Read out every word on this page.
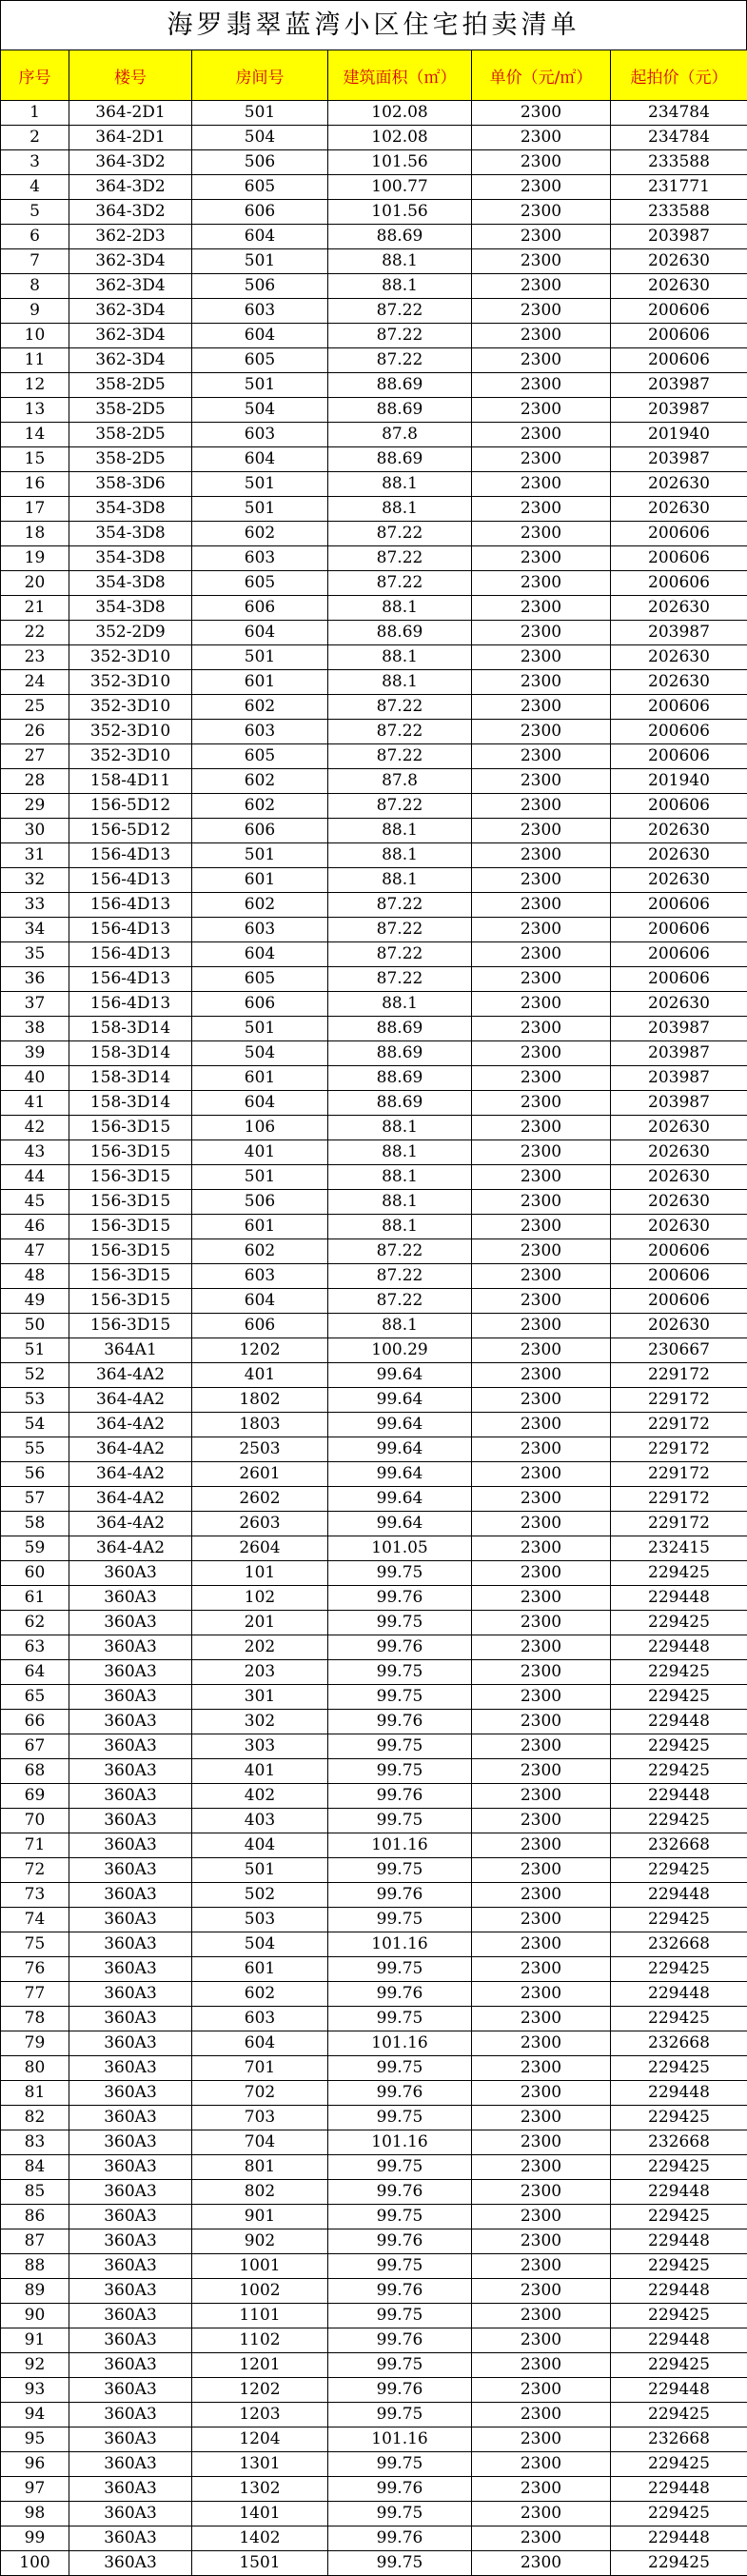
海罗翡翠蓝湾小区住宅拍卖清单
序号	楼号	房间号	建筑面积（㎡）	单价（元/㎡）	起拍价（元）
1	364-2D1	501	102.08	2300	234784
2	364-2D1	504	102.08	2300	234784
3	364-3D2	506	101.56	2300	233588
4	364-3D2	605	100.77	2300	231771
5	364-3D2	606	101.56	2300	233588
6	362-2D3	604	88.69	2300	203987
7	362-3D4	501	88.1	2300	202630
8	362-3D4	506	88.1	2300	202630
9	362-3D4	603	87.22	2300	200606
10	362-3D4	604	87.22	2300	200606
11	362-3D4	605	87.22	2300	200606
12	358-2D5	501	88.69	2300	203987
13	358-2D5	504	88.69	2300	203987
14	358-2D5	603	87.8	2300	201940
15	358-2D5	604	88.69	2300	203987
16	358-3D6	501	88.1	2300	202630
17	354-3D8	501	88.1	2300	202630
18	354-3D8	602	87.22	2300	200606
19	354-3D8	603	87.22	2300	200606
20	354-3D8	605	87.22	2300	200606
21	354-3D8	606	88.1	2300	202630
22	352-2D9	604	88.69	2300	203987
23	352-3D10	501	88.1	2300	202630
24	352-3D10	601	88.1	2300	202630
25	352-3D10	602	87.22	2300	200606
26	352-3D10	603	87.22	2300	200606
27	352-3D10	605	87.22	2300	200606
28	158-4D11	602	87.8	2300	201940
29	156-5D12	602	87.22	2300	200606
30	156-5D12	606	88.1	2300	202630
31	156-4D13	501	88.1	2300	202630
32	156-4D13	601	88.1	2300	202630
33	156-4D13	602	87.22	2300	200606
34	156-4D13	603	87.22	2300	200606
35	156-4D13	604	87.22	2300	200606
36	156-4D13	605	87.22	2300	200606
37	156-4D13	606	88.1	2300	202630
38	158-3D14	501	88.69	2300	203987
39	158-3D14	504	88.69	2300	203987
40	158-3D14	601	88.69	2300	203987
41	158-3D14	604	88.69	2300	203987
42	156-3D15	106	88.1	2300	202630
43	156-3D15	401	88.1	2300	202630
44	156-3D15	501	88.1	2300	202630
45	156-3D15	506	88.1	2300	202630
46	156-3D15	601	88.1	2300	202630
47	156-3D15	602	87.22	2300	200606
48	156-3D15	603	87.22	2300	200606
49	156-3D15	604	87.22	2300	200606
50	156-3D15	606	88.1	2300	202630
51	364A1	1202	100.29	2300	230667
52	364-4A2	401	99.64	2300	229172
53	364-4A2	1802	99.64	2300	229172
54	364-4A2	1803	99.64	2300	229172
55	364-4A2	2503	99.64	2300	229172
56	364-4A2	2601	99.64	2300	229172
57	364-4A2	2602	99.64	2300	229172
58	364-4A2	2603	99.64	2300	229172
59	364-4A2	2604	101.05	2300	232415
60	360A3	101	99.75	2300	229425
61	360A3	102	99.76	2300	229448
62	360A3	201	99.75	2300	229425
63	360A3	202	99.76	2300	229448
64	360A3	203	99.75	2300	229425
65	360A3	301	99.75	2300	229425
66	360A3	302	99.76	2300	229448
67	360A3	303	99.75	2300	229425
68	360A3	401	99.75	2300	229425
69	360A3	402	99.76	2300	229448
70	360A3	403	99.75	2300	229425
71	360A3	404	101.16	2300	232668
72	360A3	501	99.75	2300	229425
73	360A3	502	99.76	2300	229448
74	360A3	503	99.75	2300	229425
75	360A3	504	101.16	2300	232668
76	360A3	601	99.75	2300	229425
77	360A3	602	99.76	2300	229448
78	360A3	603	99.75	2300	229425
79	360A3	604	101.16	2300	232668
80	360A3	701	99.75	2300	229425
81	360A3	702	99.76	2300	229448
82	360A3	703	99.75	2300	229425
83	360A3	704	101.16	2300	232668
84	360A3	801	99.75	2300	229425
85	360A3	802	99.76	2300	229448
86	360A3	901	99.75	2300	229425
87	360A3	902	99.76	2300	229448
88	360A3	1001	99.75	2300	229425
89	360A3	1002	99.76	2300	229448
90	360A3	1101	99.75	2300	229425
91	360A3	1102	99.76	2300	229448
92	360A3	1201	99.75	2300	229425
93	360A3	1202	99.76	2300	229448
94	360A3	1203	99.75	2300	229425
95	360A3	1204	101.16	2300	232668
96	360A3	1301	99.75	2300	229425
97	360A3	1302	99.76	2300	229448
98	360A3	1401	99.75	2300	229425
99	360A3	1402	99.76	2300	229448
100	360A3	1501	99.75	2300	229425
